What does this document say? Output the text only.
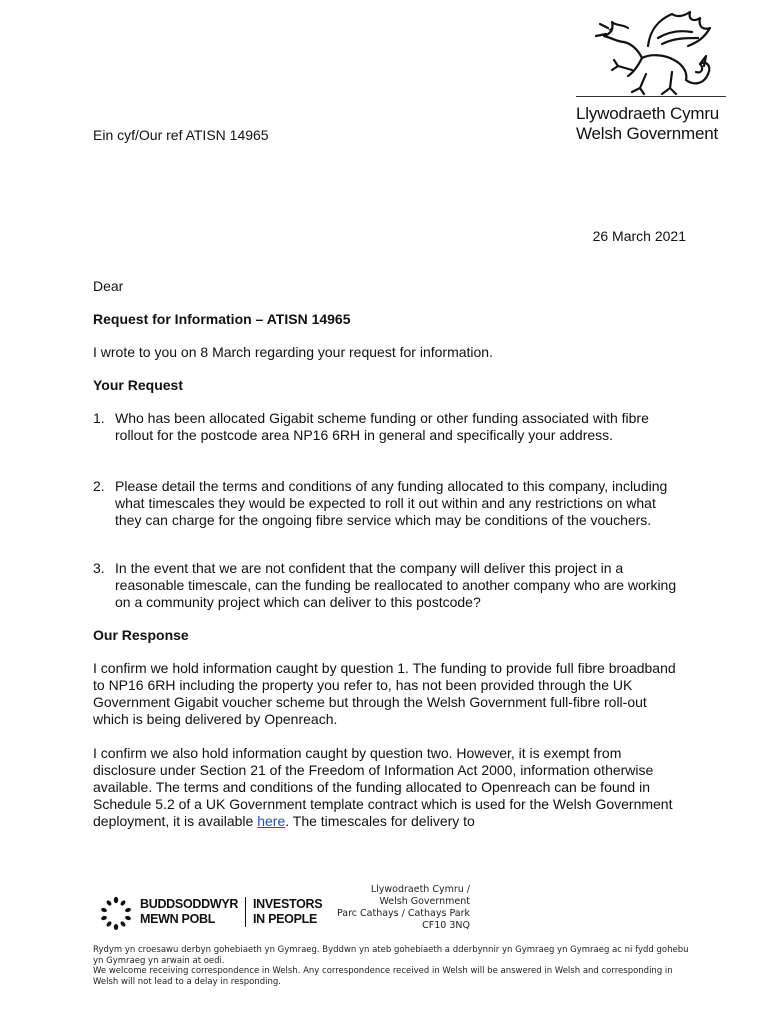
Llywodraeth Cymru
Welsh Government
Ein cyf/Our ref ATISN 14965
26 March 2021
Dear
Request for Information – ATISN 14965
I wrote to you on 8 March regarding your request for information.
Your Request
1. Who has been allocated Gigabit scheme funding or other funding associated with fibre rollout for the postcode area NP16 6RH in general and specifically your address.
2. Please detail the terms and conditions of any funding allocated to this company, including what timescales they would be expected to roll it out within and any restrictions on what they can charge for the ongoing fibre service which may be conditions of the vouchers.
3. In the event that we are not confident that the company will deliver this project in a reasonable timescale, can the funding be reallocated to another company who are working on a community project which can deliver to this postcode?
Our Response
I confirm we hold information caught by question 1. The funding to provide full fibre broadband to NP16 6RH including the property you refer to, has not been provided through the UK Government Gigabit voucher scheme but through the Welsh Government full-fibre roll-out which is being delivered by Openreach.
I confirm we also hold information caught by question two. However, it is exempt from disclosure under Section 21 of the Freedom of Information Act 2000, information otherwise available. The terms and conditions of the funding allocated to Openreach can be found in Schedule 5.2 of a UK Government template contract which is used for the Welsh Government deployment, it is available here. The timescales for delivery to
BUDDSODDWYR
MEWN POBL
INVESTORS
IN PEOPLE
Llywodraeth Cymru /
Welsh Government
Parc Cathays / Cathays Park
CF10 3NQ
Rydym yn croesawu derbyn gohebiaeth yn Gymraeg. Byddwn yn ateb gohebiaeth a dderbynnir yn Gymraeg yn Gymraeg ac ni fydd gohebu yn Gymraeg yn arwain at oedi.
We welcome receiving correspondence in Welsh. Any correspondence received in Welsh will be answered in Welsh and corresponding in Welsh will not lead to a delay in responding.
